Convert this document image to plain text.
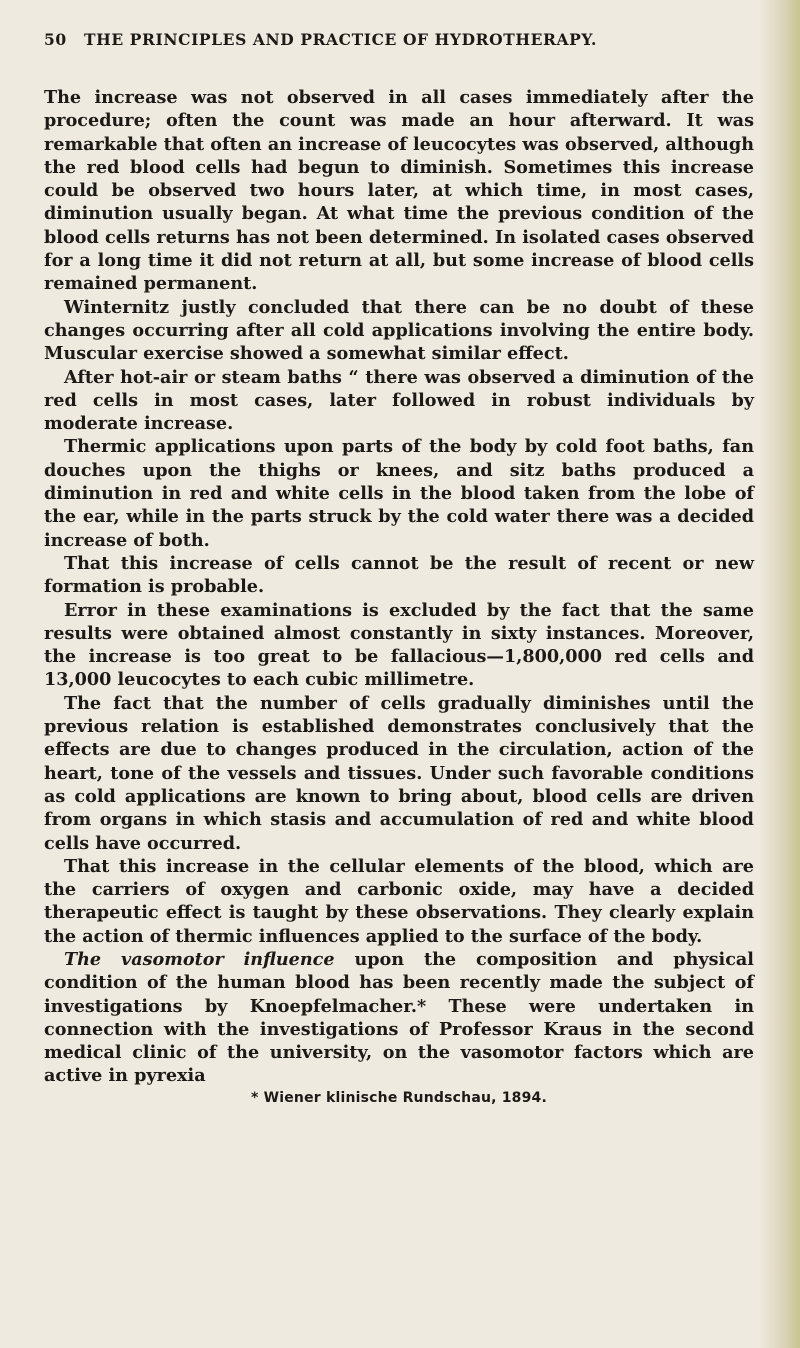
50	THE PRINCIPLES AND PRACTICE OF HYDROTHERAPY.

The increase was not observed in all cases immediately after the procedure; often the count was made an hour afterward. It was remarkable that often an increase of leucocytes was observed, although the red blood cells had begun to diminish. Sometimes this increase could be observed two hours later, at which time, in most cases, diminution usually began. At what time the previous condition of the blood cells returns has not been determined. In isolated cases observed for a long time it did not return at all, but some increase of blood cells remained permanent.

Winternitz justly concluded that there can be no doubt of these changes occurring after all cold applications involving the entire body. Muscular exercise showed a somewhat similar effect.

After hot-air or steam baths “ there was observed a diminution of the red cells in most cases, later followed in robust individuals by moderate increase.

Thermic applications upon parts of the body by cold foot baths, fan douches upon the thighs or knees, and sitz baths produced a diminution in red and white cells in the blood taken from the lobe of the ear, while in the parts struck by the cold water there was a decided increase of both.

That this increase of cells cannot be the result of recent or new formation is probable.

Error in these examinations is excluded by the fact that the same results were obtained almost constantly in sixty instances. Moreover, the increase is too great to be fallacious—1,800,000 red cells and 13,000 leucocytes to each cubic millimetre.

The fact that the number of cells gradually diminishes until the previous relation is established demonstrates conclusively that the effects are due to changes produced in the circulation, action of the heart, tone of the vessels and tissues. Under such favorable conditions as cold applications are known to bring about, blood cells are driven from organs in which stasis and accumulation of red and white blood cells have occurred.

That this increase in the cellular elements of the blood, which are the carriers of oxygen and carbonic oxide, may have a decided therapeutic effect is taught by these observations. They clearly explain the action of thermic influences applied to the surface of the body.

The vasomotor influence upon the composition and physical condition of the human blood has been recently made the subject of investigations by Knoepfelmacher.* These were undertaken in connection with the investigations of Professor Kraus in the second medical clinic of the university, on the vasomotor factors which are active in pyrexia

* Wiener klinische Rundschau, 1894.
